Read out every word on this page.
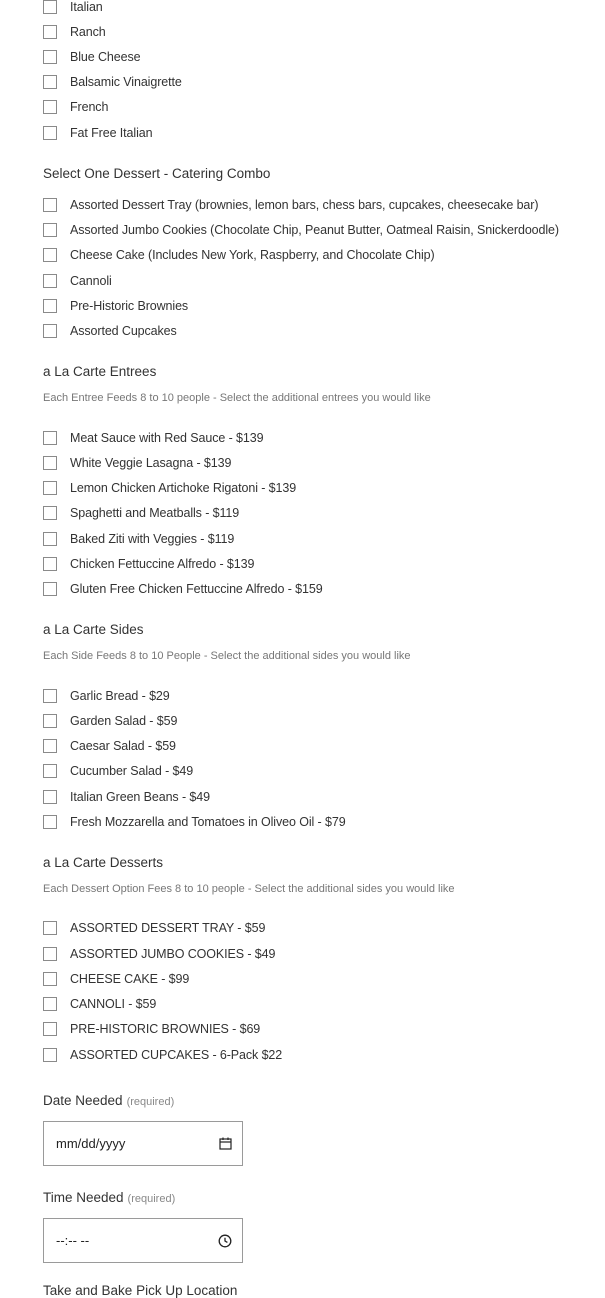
Italian
Ranch
Blue Cheese
Balsamic Vinaigrette
French
Fat Free Italian
Select One Dessert - Catering Combo
Assorted Dessert Tray (brownies, lemon bars, chess bars, cupcakes, cheesecake bar)
Assorted Jumbo Cookies (Chocolate Chip, Peanut Butter, Oatmeal Raisin, Snickerdoodle)
Cheese Cake (Includes New York, Raspberry, and Chocolate Chip)
Cannoli
Pre-Historic Brownies
Assorted Cupcakes
a La Carte Entrees
Each Entree Feeds 8 to 10 people - Select the additional entrees you would like
Meat Sauce with Red Sauce - $139
White Veggie Lasagna - $139
Lemon Chicken Artichoke Rigatoni - $139
Spaghetti and Meatballs - $119
Baked Ziti with Veggies - $119
Chicken Fettuccine Alfredo - $139
Gluten Free Chicken Fettuccine Alfredo - $159
a La Carte Sides
Each Side Feeds 8 to 10 People - Select the additional sides you would like
Garlic Bread - $29
Garden Salad - $59
Caesar Salad - $59
Cucumber Salad - $49
Italian Green Beans - $49
Fresh Mozzarella and Tomatoes in Oliveo Oil - $79
a La Carte Desserts
Each Dessert Option Fees 8 to 10 people - Select the additional sides you would like
ASSORTED DESSERT TRAY - $59
ASSORTED JUMBO COOKIES - $49
CHEESE CAKE - $99
CANNOLI - $59
PRE-HISTORIC BROWNIES - $69
ASSORTED CUPCAKES - 6-Pack $22
Date Needed (required)
mm/dd/yyyy
Time Needed (required)
--:-- --
Take and Bake Pick Up Location
